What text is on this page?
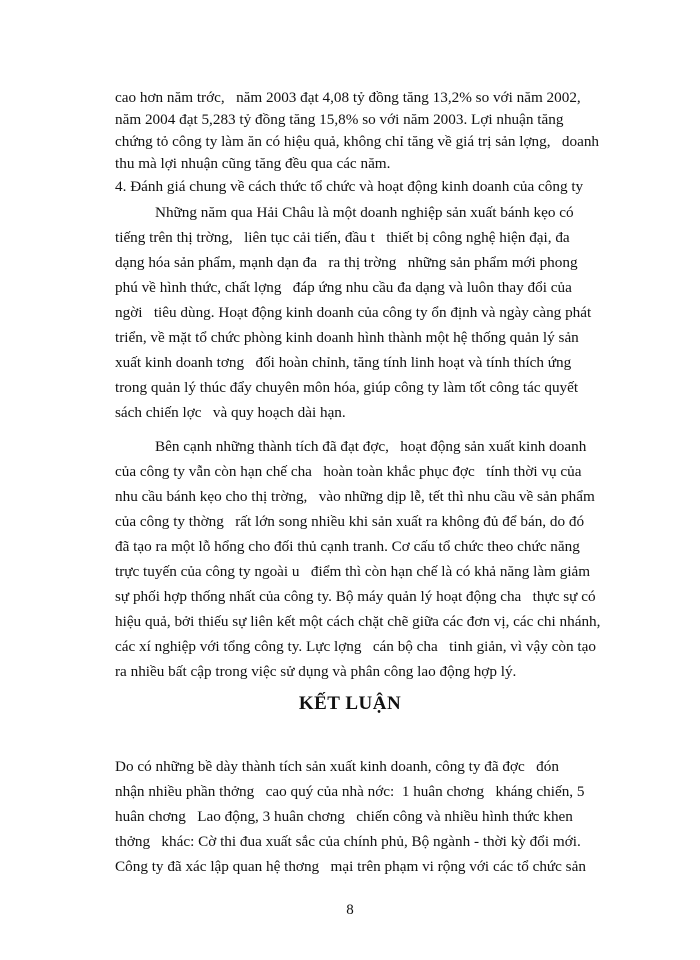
cao hơn năm trớc,   năm 2003 đạt 4,08 tỷ đồng tăng 13,2% so với năm 2002,
năm 2004 đạt 5,283 tỷ đồng tăng 15,8% so với năm 2003. Lợi nhuận tăng
chứng tỏ công ty làm ăn có hiệu quả, không chỉ tăng về giá trị sản lợng,   doanh
thu mà lợi nhuận cũng tăng đều qua các năm.
4. Đánh giá chung về cách thức tổ chức và hoạt động kinh doanh của công ty
Những năm qua Hải Châu là một doanh nghiệp sản xuất bánh kẹo có
tiếng trên thị trờng,   liên tục cải tiến, đầu t   thiết bị công nghệ hiện đại, đa
dạng hóa sản phẩm, mạnh dạn đa   ra thị trờng   những sản phẩm mới phong
phú về hình thức, chất lợng   đáp ứng nhu cầu đa dạng và luôn thay đổi của
ngời   tiêu dùng. Hoạt động kinh doanh của công ty ổn định và ngày càng phát
triển, về mặt tổ chức phòng kinh doanh hình thành một hệ thống quản lý sản
xuất kinh doanh tơng   đối hoàn chỉnh, tăng tính linh hoạt và tính thích ứng
trong quản lý thúc đẩy chuyên môn hóa, giúp công ty làm tốt công tác quyết
sách chiến lợc   và quy hoạch dài hạn.
Bên cạnh những thành tích đã đạt đợc,   hoạt động sản xuất kinh doanh
của công ty vẫn còn hạn chế cha   hoàn toàn khắc phục đợc   tính thời vụ của
nhu cầu bánh kẹo cho thị trờng,   vào những dịp lễ, tết thì nhu cầu về sản phẩm
của công ty thờng   rất lớn song nhiều khi sản xuất ra không đủ để bán, do đó
đã tạo ra một lỗ hổng cho đối thủ cạnh tranh. Cơ cấu tổ chức theo chức năng
trực tuyến của công ty ngoài u   điểm thì còn hạn chế là có khả năng làm giảm
sự phối hợp thống nhất của công ty. Bộ máy quản lý hoạt động cha   thực sự có
hiệu quả, bởi thiếu sự liên kết một cách chặt chẽ giữa các đơn vị, các chi nhánh,
các xí nghiệp với tổng công ty. Lực lợng   cán bộ cha   tinh giản, vì vậy còn tạo
ra nhiều bất cập trong việc sử dụng và phân công lao động hợp lý.
KẾT LUẬN
Do có những bề dày thành tích sản xuất kinh doanh, công ty đã đợc   đón
nhận nhiều phần thởng   cao quý của nhà nớc:  1 huân chơng   kháng chiến, 5
huân chơng   Lao động, 3 huân chơng   chiến công và nhiều hình thức khen
thởng   khác: Cờ thi đua xuất sắc của chính phủ, Bộ ngành - thời kỳ đổi mới.
Công ty đã xác lập quan hệ thơng   mại trên phạm vi rộng với các tổ chức sản
8
